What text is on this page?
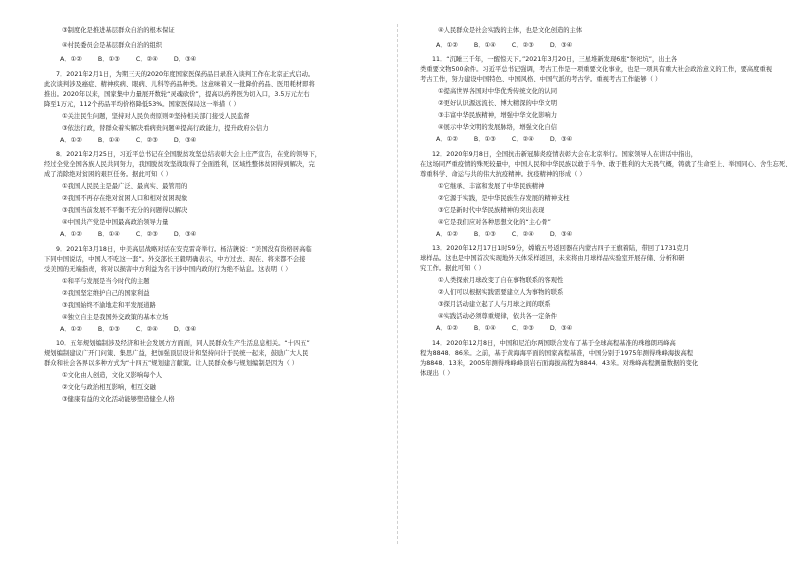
③制度化是推进基层群众自治的根本保证
④村民委员会是基层群众自治的组织
A．①②        B．①③        C．②④        D．③④
7．2021年2月1日，为期三天的2020年度国家医保药品目录准入谈判工作在北京正式启动。
此次谈判涉及癌症、精神疾病、眼病、儿科等药品种类。这意味着又一批降价药品、医用耗材即将
推出。2020年以来，国家集中力量展开数轮“灵魂砍价”，提高以药养医为切入口，3.5万元左右
降至1万元，112个药品平均价格降低53%。国家医保局这一举措（ ）
①关注民生问题，坚持对人民负责原则②坚持相关部门接受人民监督
③依法行政，替群众着实解决看病贵问题④提高行政能力，提升政府公信力
A．①②        B．①④        C．②③        D．③④
8．2021年2月25日，习近平总书记在全国脱贫攻坚总结表彰大会上庄严宣告，在党的领导下，
经过全党全国各族人民共同努力，我国脱贫攻坚战取得了全面胜利，区域性整体贫困得到解决，完
成了消除绝对贫困的艰巨任务。据此可知（ ）
①我国人民民主是最广泛、最真实、最管用的
②我国不再存在绝对贫困人口和相对贫困现象
③我国当前发展不平衡不充分的问题得以解决
④中国共产党是中国最高政治领导力量
A．①②        B．①④        C．②③        D．③④
9．2021年3月18日，中美高层战略对话在安克雷奇举行。杨洁篪说：“美国没有资格居高临
下同中国说话，中国人不吃这一套”。外交部长王毅明确表示，中方过去、现在、将来都不会接
受美国的无端指责，将对以损害中方利益为名干涉中国内政的行为绝不姑息。这表明（ ）
①和平与发展是当今时代的主题
②我国坚定维护自己的国家利益
③我国始终不渝地走和平发展道路
④独立自主是我国外交政策的基本立场
A．①②        B．①③        C．②④        D．③④
10．五年规划编制涉及经济和社会发展方方面面，同人民群众生产生活息息相关。“十四五”
规划编制建议广开门问策、集思广益，把加强顶层设计和坚持问计于民统一起来，鼓励广大人民
群众和社会各界以多种方式为“十四五”规划建言献策。让人民群众参与规划编制是因为（ ）
①文化由人创造，文化又影响每个人
②文化与政治相互影响，相互交融
③健康有益的文化活动能够塑造健全人格
④人民群众是社会实践的主体，也是文化创造的主体
A．①②        B．①④        C．②③        D．③④
11．“沉睡三千年，一醒惊天下。”2021年3月20日，三星堆新发现6座“祭祀坑”，出土各
类重要文物500余件。习近平总书记强调，考古工作是一项重要文化事业，也是一项具有重大社会政治意义的工作，要高度重视
考古工作，努力建设中国特色、中国风格、中国气派的考古学。重视考古工作能够（ ）
①提高世界各国对中华优秀传统文化的认同
②更好认识源远流长、博大精深的中华文明
③丰富中华民族精神，增强中华文化影响力
④展示中华文明的发展脉络，增强文化自信
A．①②        B．①③        C．②④        D．③④
12．2020年9月8日，全国抗击新冠肺炎疫情表彰大会在北京举行。国家领导人在讲话中指出，
在这场同严重疫情的殊死较量中，中国人民和中华民族以敢于斗争、敢于胜利的大无畏气概，铸就了生命至上、举国同心、舍生忘死、
尊重科学、命运与共的伟大抗疫精神。抗疫精神的形成（ ）
①它继承、丰富和发展了中华民族精神
②它源于实践，是中华民族生存发展的精神支柱
③它是新时代中华民族精神的突出表现
④它是我们应对各种思想文化的“主心骨”
A．①②        B．①③        C．②④        D．③④
13．2020年12月17日1时59分，嫦娥五号返回器在内蒙古四子王旗着陆，带回了1731克月
球样品。这也是中国首次实现地外天体采样返回，未来将由月球样品实验室开展存储、分析和研
究工作。据此可知（ ）
①人类探索月球改变了自在事物联系的客观性
②人们可以根据实践需要建立人为事物的联系
③探月活动建立起了人与月球之间的联系
④实践活动必须尊重规律，依共各一定条件
A．①②        B．①④        C．②③        D．③④
14．2020年12月8日，中国和尼泊尔两国联合发布了基于全球高程基准的珠穆朗玛峰高
程为8848．86米。之前，基于黄海海平面的国家高程基准，中国分别于1975年测得珠峰海拔高程
为8848．13米，2005年测得珠峰峰顶岩石面海拔高程为8844．43米。对珠峰高程测量数据的变化
体现出（ ）
